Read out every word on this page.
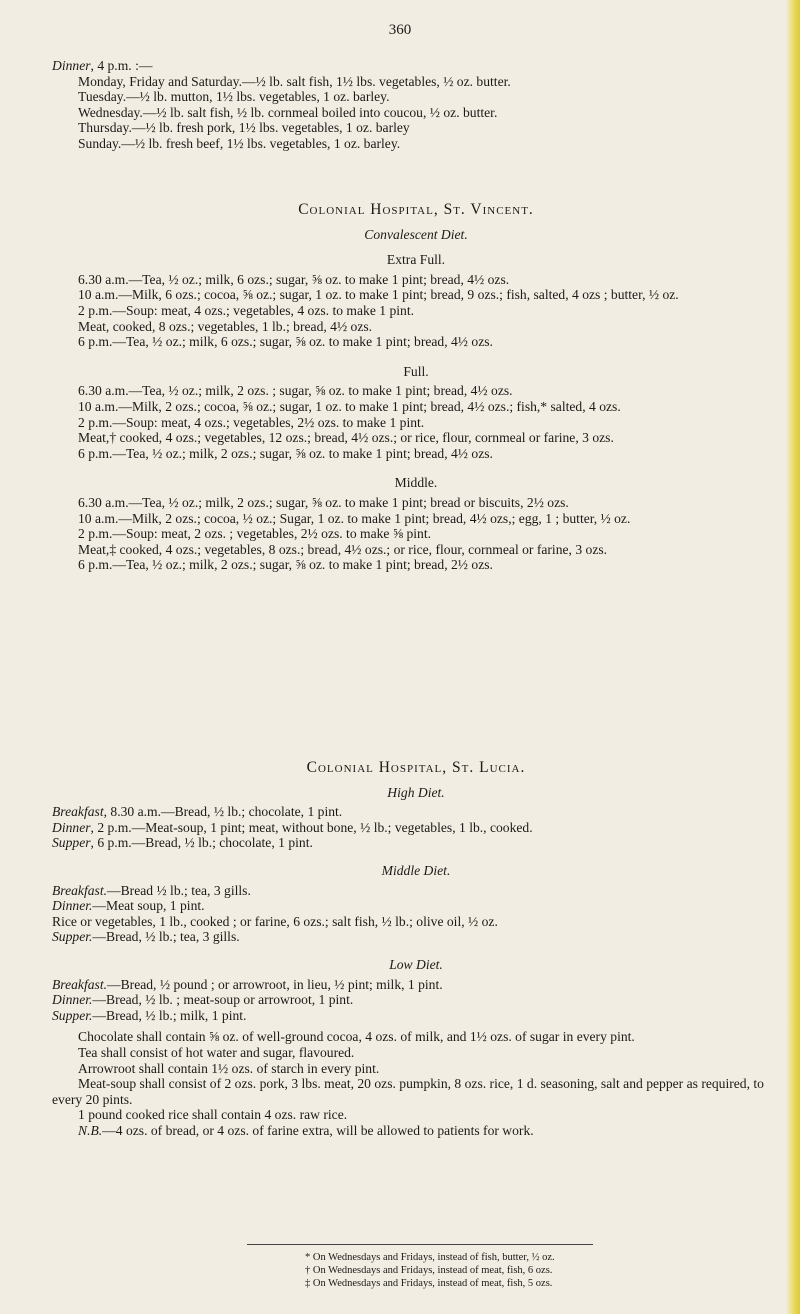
360

Dinner, 4 p.m. :—

Monday, Friday and Saturday.—½ lb. salt fish, 1½ lbs. vegetables, ½ oz. butter.

Tuesday.—½ lb. mutton, 1½ lbs. vegetables, 1 oz. barley.

Wednesday.—½ lb. salt fish, ½ lb. cornmeal boiled into coucou, ½ oz. butter.

Thursday.—½ lb. fresh pork, 1½ lbs. vegetables, 1 oz. barley

Sunday.—½ lb. fresh beef, 1½ lbs. vegetables, 1 oz. barley.

Colonial Hospital, St. Vincent.

Convalescent Diet.

Extra Full.

6.30 a.m.—Tea, ½ oz.; milk, 6 ozs.; sugar, ⅝ oz. to make 1 pint; bread, 4½ ozs.

10 a.m.—Milk, 6 ozs.; cocoa, ⅝ oz.; sugar, 1 oz. to make 1 pint; bread, 9 ozs.; fish, salted, 4 ozs ; butter, ½ oz.

2 p.m.—Soup: meat, 4 ozs.; vegetables, 4 ozs. to make 1 pint.

Meat, cooked, 8 ozs.; vegetables, 1 lb.; bread, 4½ ozs.

6 p.m.—Tea, ½ oz.; milk, 6 ozs.; sugar, ⅝ oz. to make 1 pint; bread, 4½ ozs.

Full.

6.30 a.m.—Tea, ½ oz.; milk, 2 ozs. ; sugar, ⅝ oz. to make 1 pint; bread, 4½ ozs.

10 a.m.—Milk, 2 ozs.; cocoa, ⅝ oz.; sugar, 1 oz. to make 1 pint; bread, 4½ ozs.; fish,* salted, 4 ozs.

2 p.m.—Soup: meat, 4 ozs.; vegetables, 2½ ozs. to make 1 pint.

Meat,† cooked, 4 ozs.; vegetables, 12 ozs.; bread, 4½ ozs.; or rice, flour, cornmeal or farine, 3 ozs.

6 p.m.—Tea, ½ oz.; milk, 2 ozs.; sugar, ⅝ oz. to make 1 pint; bread, 4½ ozs.

Middle.

6.30 a.m.—Tea, ½ oz.; milk, 2 ozs.; sugar, ⅝ oz. to make 1 pint; bread or biscuits, 2½ ozs.

10 a.m.—Milk, 2 ozs.; cocoa, ½ oz.; Sugar, 1 oz. to make 1 pint; bread, 4½ ozs,; egg, 1 ; butter, ½ oz.

2 p.m.—Soup: meat, 2 ozs. ; vegetables, 2½ ozs. to make ⅝ pint.

Meat,‡ cooked, 4 ozs.; vegetables, 8 ozs.; bread, 4½ ozs.; or rice, flour, cornmeal or farine, 3 ozs.

6 p.m.—Tea, ½ oz.; milk, 2 ozs.; sugar, ⅝ oz. to make 1 pint; bread, 2½ ozs.

Colonial Hospital, St. Lucia.

High Diet.

Breakfast, 8.30 a.m.—Bread, ½ lb.; chocolate, 1 pint.

Dinner, 2 p.m.—Meat-soup, 1 pint; meat, without bone, ½ lb.; vegetables, 1 lb., cooked.

Supper, 6 p.m.—Bread, ½ lb.; chocolate, 1 pint.

Middle Diet.

Breakfast.—Bread ½ lb.; tea, 3 gills.

Dinner.—Meat soup, 1 pint.

Rice or vegetables, 1 lb., cooked ; or farine, 6 ozs.; salt fish, ½ lb.; olive oil, ½ oz.

Supper.—Bread, ½ lb.; tea, 3 gills.

Low Diet.

Breakfast.—Bread, ½ pound ; or arrowroot, in lieu, ½ pint; milk, 1 pint.

Dinner.—Bread, ½ lb. ; meat-soup or arrowroot, 1 pint.

Supper.—Bread, ½ lb.; milk, 1 pint.

Chocolate shall contain ⅝ oz. of well-ground cocoa, 4 ozs. of milk, and 1½ ozs. of sugar in every pint.

Tea shall consist of hot water and sugar, flavoured.

Arrowroot shall contain 1½ ozs. of starch in every pint.

Meat-soup shall consist of 2 ozs. pork, 3 lbs. meat, 20 ozs. pumpkin, 8 ozs. rice, 1 d. seasoning, salt and pepper as required, to every 20 pints.

1 pound cooked rice shall contain 4 ozs. raw rice.

N.B.—4 ozs. of bread, or 4 ozs. of farine extra, will be allowed to patients for work.

* On Wednesdays and Fridays, instead of fish, butter, ½ oz.

† On Wednesdays and Fridays, instead of meat, fish, 6 ozs.

‡ On Wednesdays and Fridays, instead of meat, fish, 5 ozs.
